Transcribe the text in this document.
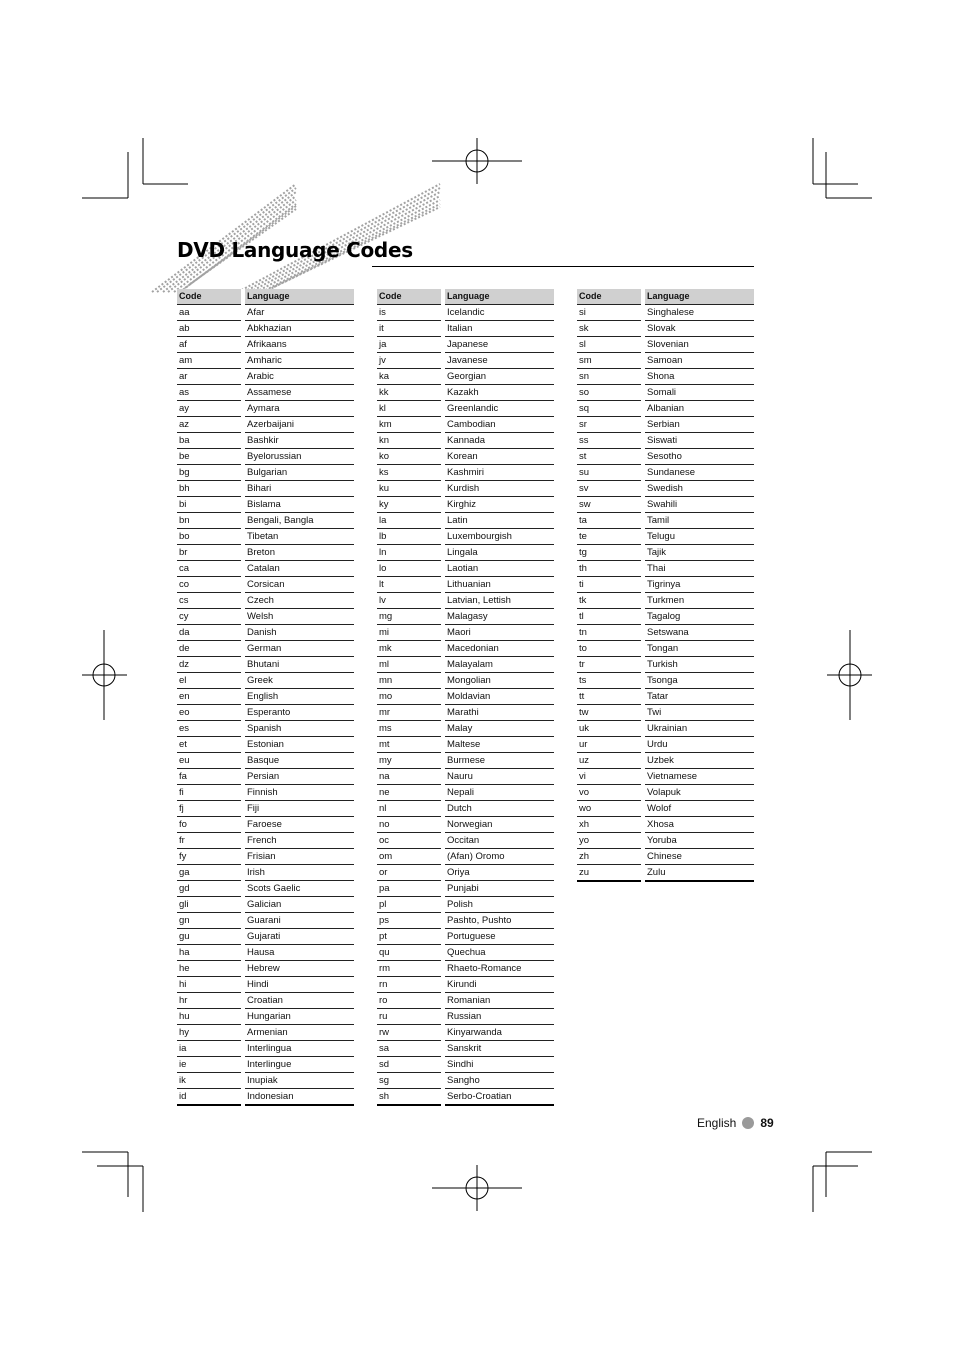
DVD Language Codes
Code		Language
aa		Afar
ab		Abkhazian
af		Afrikaans
am		Amharic
ar		Arabic
as		Assamese
ay		Aymara
az		Azerbaijani
ba		Bashkir
be		Byelorussian
bg		Bulgarian
bh		Bihari
bi		Bislama
bn		Bengali, Bangla
bo		Tibetan
br		Breton
ca		Catalan
co		Corsican
cs		Czech
cy		Welsh
da		Danish
de		German
dz		Bhutani
el		Greek
en		English
eo		Esperanto
es		Spanish
et		Estonian
eu		Basque
fa		Persian
fi		Finnish
fj		Fiji
fo		Faroese
fr		French
fy		Frisian
ga		Irish
gd		Scots Gaelic
gli		Galician
gn		Guarani
gu		Gujarati
ha		Hausa
he		Hebrew
hi		Hindi
hr		Croatian
hu		Hungarian
hy		Armenian
ia		Interlingua
ie		Interlingue
ik		Inupiak
id		Indonesian
Code		Language
is		Icelandic
it		Italian
ja		Japanese
jv		Javanese
ka		Georgian
kk		Kazakh
kl		Greenlandic
km		Cambodian
kn		Kannada
ko		Korean
ks		Kashmiri
ku		Kurdish
ky		Kirghiz
la		Latin
lb		Luxembourgish
ln		Lingala
lo		Laotian
lt		Lithuanian
lv		Latvian, Lettish
mg		Malagasy
mi		Maori
mk		Macedonian
ml		Malayalam
mn		Mongolian
mo		Moldavian
mr		Marathi
ms		Malay
mt		Maltese
my		Burmese
na		Nauru
ne		Nepali
nl		Dutch
no		Norwegian
oc		Occitan
om		(Afan) Oromo
or		Oriya
pa		Punjabi
pl		Polish
ps		Pashto, Pushto
pt		Portuguese
qu		Quechua
rm		Rhaeto-Romance
rn		Kirundi
ro		Romanian
ru		Russian
rw		Kinyarwanda
sa		Sanskrit
sd		Sindhi
sg		Sangho
sh		Serbo-Croatian
Code		Language
si		Singhalese
sk		Slovak
sl		Slovenian
sm		Samoan
sn		Shona
so		Somali
sq		Albanian
sr		Serbian
ss		Siswati
st		Sesotho
su		Sundanese
sv		Swedish
sw		Swahili
ta		Tamil
te		Telugu
tg		Tajik
th		Thai
ti		Tigrinya
tk		Turkmen
tl		Tagalog
tn		Setswana
to		Tongan
tr		Turkish
ts		Tsonga
tt		Tatar
tw		Twi
uk		Ukrainian
ur		Urdu
uz		Uzbek
vi		Vietnamese
vo		Volapuk
wo		Wolof
xh		Xhosa
yo		Yoruba
zh		Chinese
zu		Zulu
English 89
